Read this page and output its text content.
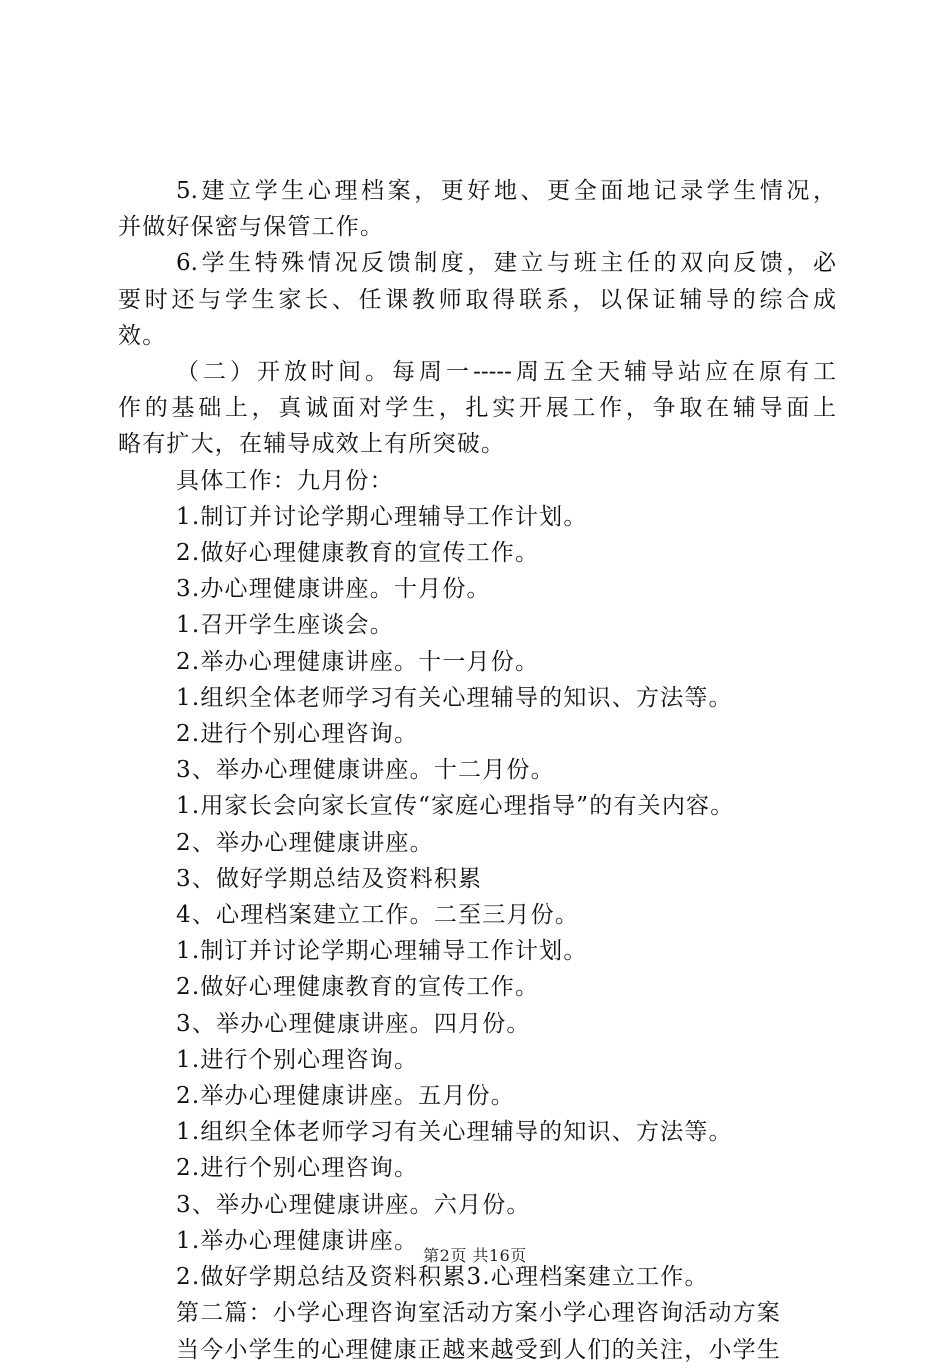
5.建立学生心理档案，更好地、更全面地记录学生情况，
并做好保密与保管工作。
6.学生特殊情况反馈制度，建立与班主任的双向反馈，必
要时还与学生家长、任课教师取得联系，以保证辅导的综合成
效。
（二）开放时间。每周一-----周五全天辅导站应在原有工
作的基础上，真诚面对学生，扎实开展工作，争取在辅导面上
略有扩大，在辅导成效上有所突破。
具体工作：九月份：
1.制订并讨论学期心理辅导工作计划。
2.做好心理健康教育的宣传工作。
3.办心理健康讲座。十月份。
1.召开学生座谈会。
2.举办心理健康讲座。十一月份。
1.组织全体老师学习有关心理辅导的知识、方法等。
2.进行个别心理咨询。
3、举办心理健康讲座。十二月份。
1.用家长会向家长宣传“家庭心理指导”的有关内容。
2、举办心理健康讲座。
3、做好学期总结及资料积累
4、心理档案建立工作。二至三月份。
1.制订并讨论学期心理辅导工作计划。
2.做好心理健康教育的宣传工作。
3、举办心理健康讲座。四月份。
1.进行个别心理咨询。
2.举办心理健康讲座。五月份。
1.组织全体老师学习有关心理辅导的知识、方法等。
2.进行个别心理咨询。
3、举办心理健康讲座。六月份。
1.举办心理健康讲座。
2.做好学期总结及资料积累3.心理档案建立工作。
第二篇：小学心理咨询室活动方案小学心理咨询活动方案
当今小学生的心理健康正越来越受到人们的关注，小学生
第2页 共16页
